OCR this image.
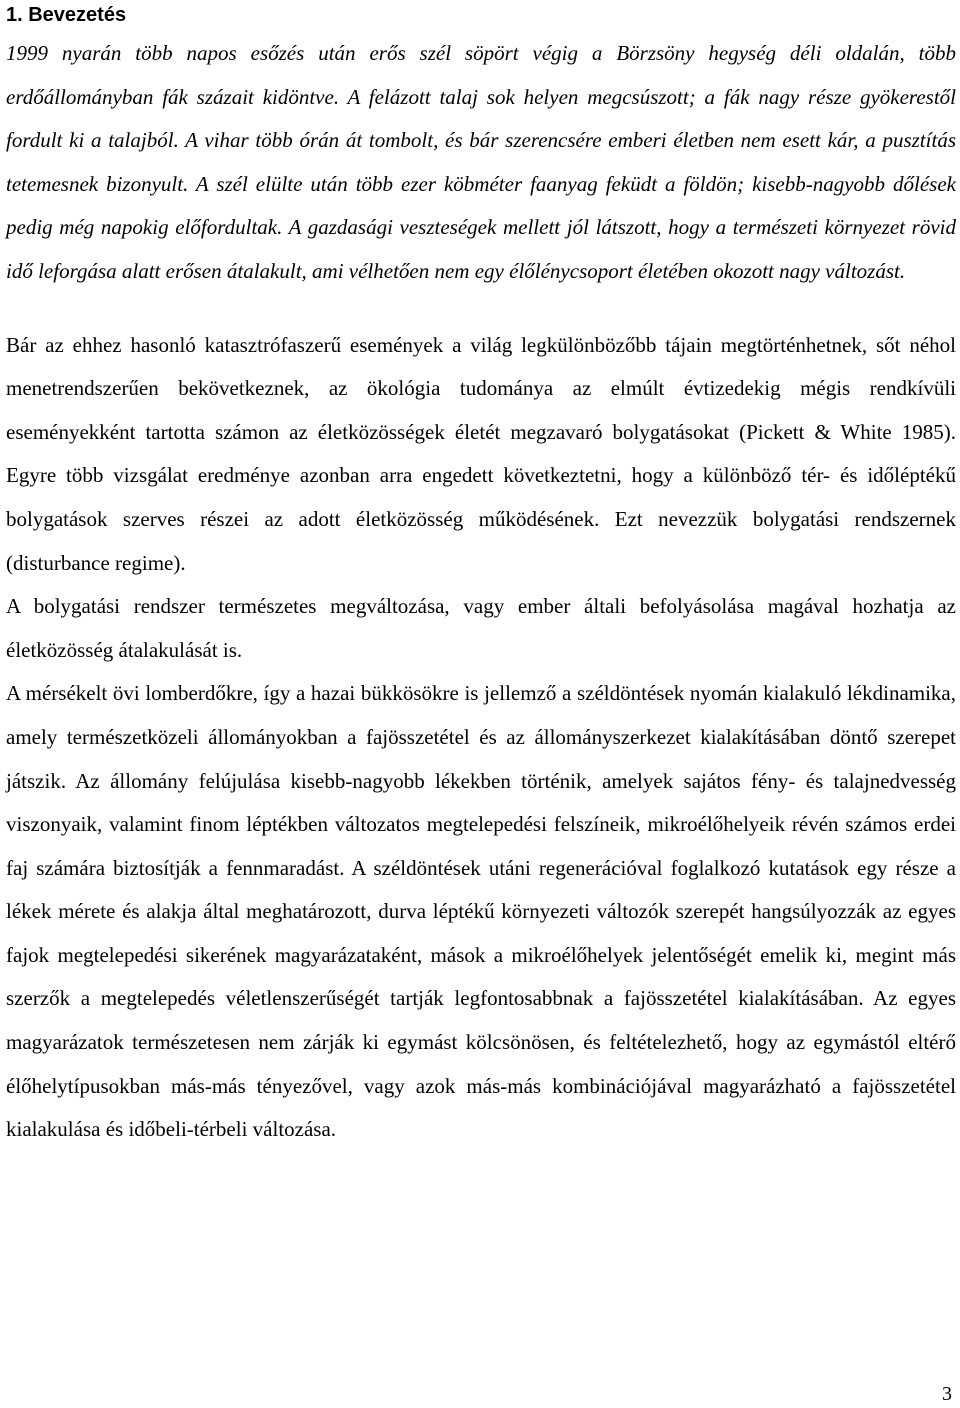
1. Bevezetés

1999 nyarán több napos esőzés után erős szél söpört végig a Börzsöny hegység déli oldalán, több erdőállományban fák százait kidöntve. A felázott talaj sok helyen megcsúszott; a fák nagy része gyökerestől fordult ki a talajból. A vihar több órán át tombolt, és bár szerencsére emberi életben nem esett kár, a pusztítás tetemesnek bizonyult. A szél elülte után több ezer köbméter faanyag feküdt a földön; kisebb-nagyobb dőlések pedig még napokig előfordultak. A gazdasági veszteségek mellett jól látszott, hogy a természeti környezet rövid idő leforgása alatt erősen átalakult, ami vélhetően nem egy élőlénycsoport életében okozott nagy változást.

Bár az ehhez hasonló katasztrófaszerű események a világ legkülönbözőbb tájain megtörténhetnek, sőt néhol menetrendszerűen bekövetkeznek, az ökológia tudománya az elmúlt évtizedekig mégis rendkívüli eseményekként tartotta számon az életközösségek életét megzavaró bolygatásokat (Pickett & White 1985). Egyre több vizsgálat eredménye azonban arra engedett következtetni, hogy a különböző tér- és időléptékű bolygatások szerves részei az adott életközösség működésének. Ezt nevezzük bolygatási rendszernek (disturbance regime).

A bolygatási rendszer természetes megváltozása, vagy ember általi befolyásolása magával hozhatja az életközösség átalakulását is.

A mérsékelt övi lomberdőkre, így a hazai bükkösökre is jellemző a széldöntések nyomán kialakuló lékdinamika, amely természetközeli állományokban a fajösszetétel és az állományszerkezet kialakításában döntő szerepet játszik. Az állomány felújulása kisebb-nagyobb lékekben történik, amelyek sajátos fény- és talajnedvesség viszonyaik, valamint finom léptékben változatos megtelepedési felszíneik, mikroélőhelyeik révén számos erdei faj számára biztosítják a fennmaradást. A széldöntések utáni regenerációval foglalkozó kutatások egy része a lékek mérete és alakja által meghatározott, durva léptékű környezeti változók szerepét hangsúlyozzák az egyes fajok megtelepedési sikerének magyarázataként, mások a mikroélőhelyek jelentőségét emelik ki, megint más szerzők a megtelepedés véletlenszerűségét tartják legfontosabbnak a fajösszetétel kialakításában. Az egyes magyarázatok természetesen nem zárják ki egymást kölcsönösen, és feltételezhető, hogy az egymástól eltérő élőhelytípusokban más-más tényezővel, vagy azok más-más kombinációjával magyarázható a fajösszetétel kialakulása és időbeli-térbeli változása.

3
